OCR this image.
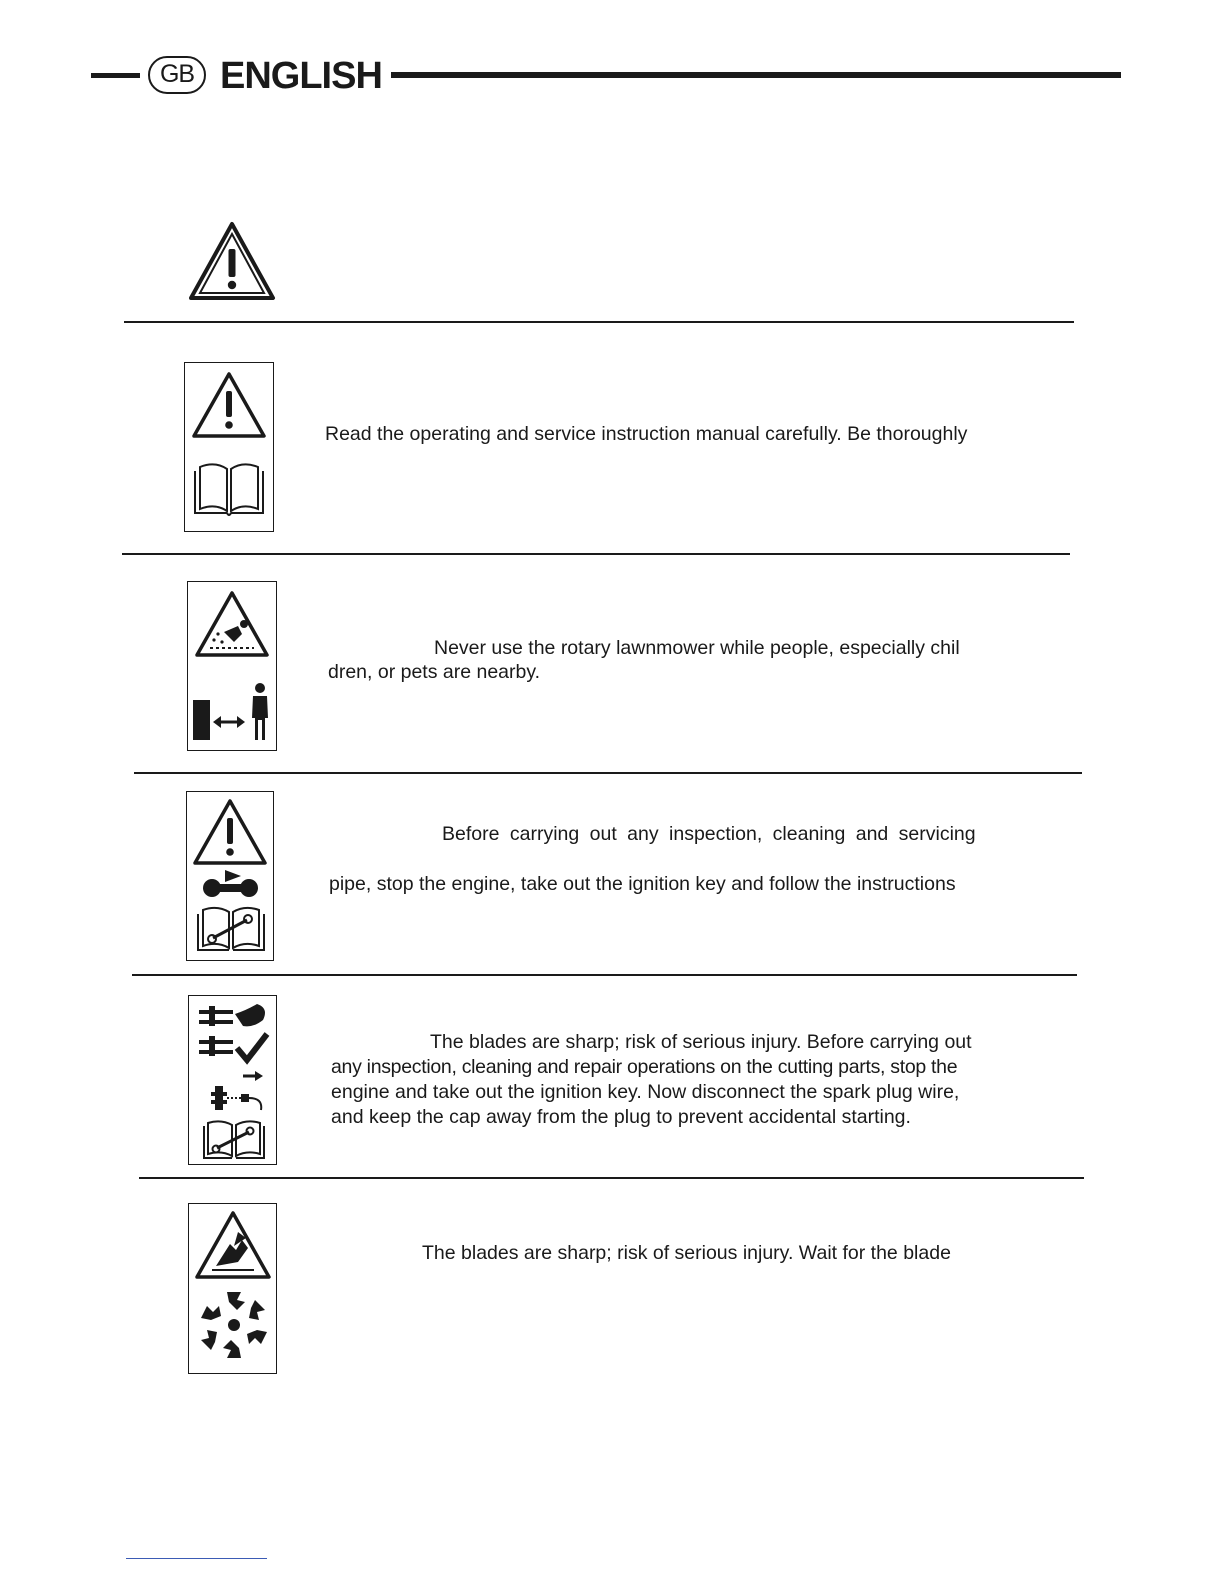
GB ENGLISH
Read the operating and service instruction manual carefully. Be thoroughly
Never use the rotary lawnmower while people, especially chil
dren, or pets are nearby.
Before carrying out any inspection, cleaning and servicing
pipe, stop the engine, take out the ignition key and follow the instructions
The blades are sharp; risk of serious injury. Before carrying out
any inspection, cleaning and repair operations on the cutting parts, stop the
engine and take out the ignition key. Now disconnect the spark plug wire,
and keep the cap away from the plug to prevent accidental starting.
The blades are sharp; risk of serious injury. Wait for the blade
